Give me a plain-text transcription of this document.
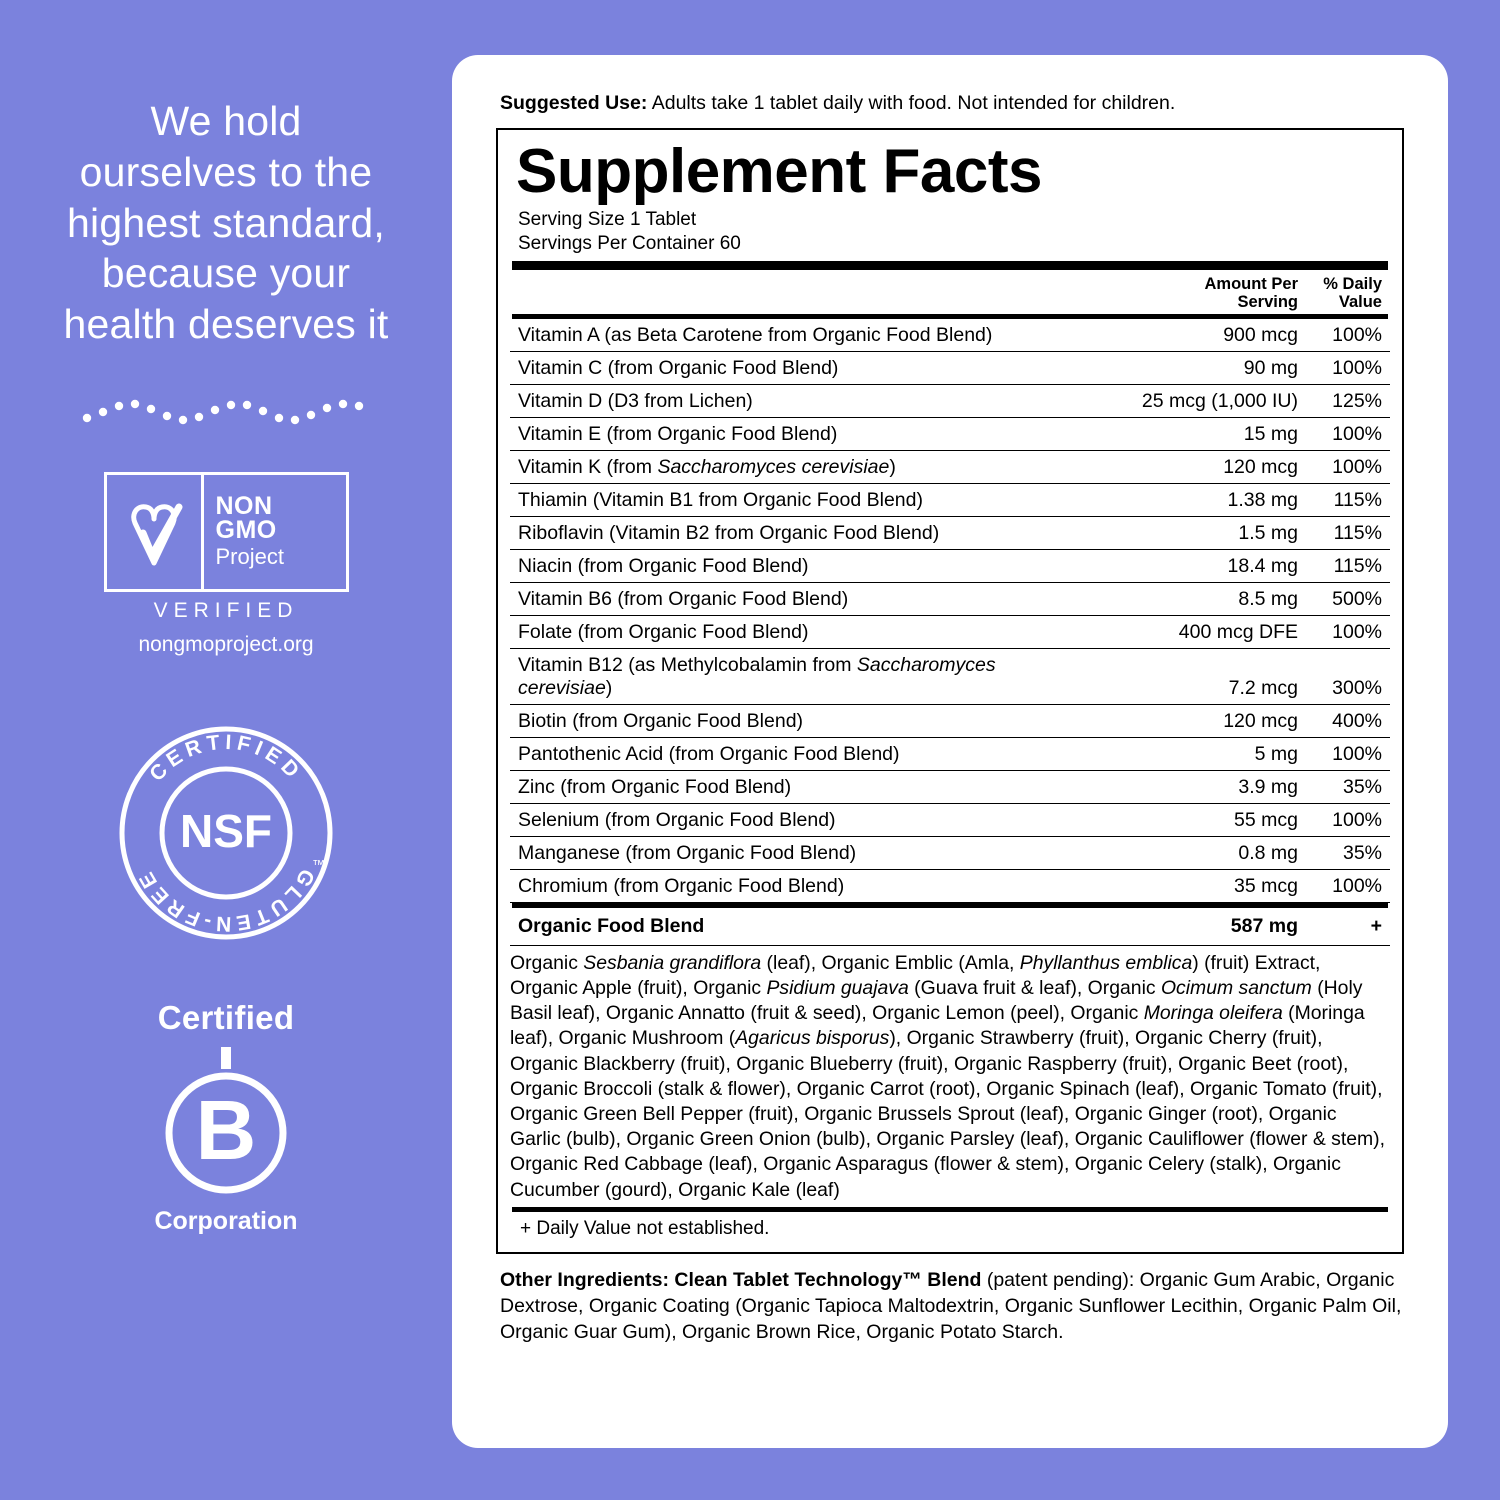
We hold ourselves to the highest standard, because your health deserves it
NON
GMO
Project
VERIFIED
nongmoproject.org
CERTIFIED
GLUTEN-FREE
NSF
™
Certified
B
Corporation
Suggested Use: Adults take 1 tablet daily with food. Not intended for children.
Supplement Facts
Serving Size 1 Tablet
Servings Per Container 60
	Amount Per
Serving	% Daily
Value

Vitamin A (as Beta Carotene from Organic Food Blend)	900 mcg	100%
Vitamin C (from Organic Food Blend)	90 mg	100%
Vitamin D (D3 from Lichen)	25 mcg (1,000 IU)	125%
Vitamin E (from Organic Food Blend)	15 mg	100%
Vitamin K (from Saccharomyces cerevisiae)	120 mcg	100%
Thiamin (Vitamin B1 from Organic Food Blend)	1.38 mg	115%
Riboflavin (Vitamin B2 from Organic Food Blend)	1.5 mg	115%
Niacin (from Organic Food Blend)	18.4 mg	115%
Vitamin B6 (from Organic Food Blend)	8.5 mg	500%
Folate (from Organic Food Blend)	400 mcg DFE	100%
Vitamin B12 (as Methylcobalamin from Saccharomyces cerevisiae)	7.2 mcg	300%
Biotin (from Organic Food Blend)	120 mcg	400%
Pantothenic Acid (from Organic Food Blend)	5 mg	100%
Zinc (from Organic Food Blend)	3.9 mg	35%
Selenium (from Organic Food Blend)	55 mcg	100%
Manganese (from Organic Food Blend)	0.8 mg	35%
Chromium (from Organic Food Blend)	35 mcg	100%

Organic Food Blend	587 mg	+
Organic Sesbania grandiflora (leaf), Organic Emblic (Amla, Phyllanthus emblica) (fruit) Extract, Organic Apple (fruit), Organic Psidium guajava (Guava fruit & leaf), Organic Ocimum sanctum (Holy Basil leaf), Organic Annatto (fruit & seed), Organic Lemon (peel), Organic Moringa oleifera (Moringa leaf), Organic Mushroom (Agaricus bisporus), Organic Strawberry (fruit), Organic Cherry (fruit), Organic Blackberry (fruit), Organic Blueberry (fruit), Organic Raspberry (fruit), Organic Beet (root), Organic Broccoli (stalk & flower), Organic Carrot (root), Organic Spinach (leaf), Organic Tomato (fruit), Organic Green Bell Pepper (fruit), Organic Brussels Sprout (leaf), Organic Ginger (root), Organic Garlic (bulb), Organic Green Onion (bulb), Organic Parsley (leaf), Organic Cauliflower (flower & stem), Organic Red Cabbage (leaf), Organic Asparagus (flower & stem), Organic Celery (stalk), Organic Cucumber (gourd), Organic Kale (leaf)		
+ Daily Value not established.
Other Ingredients: Clean Tablet Technology™ Blend (patent pending): Organic Gum Arabic, Organic Dextrose, Organic Coating (Organic Tapioca Maltodextrin, Organic Sunflower Lecithin, Organic Palm Oil, Organic Guar Gum), Organic Brown Rice, Organic Potato Starch.
